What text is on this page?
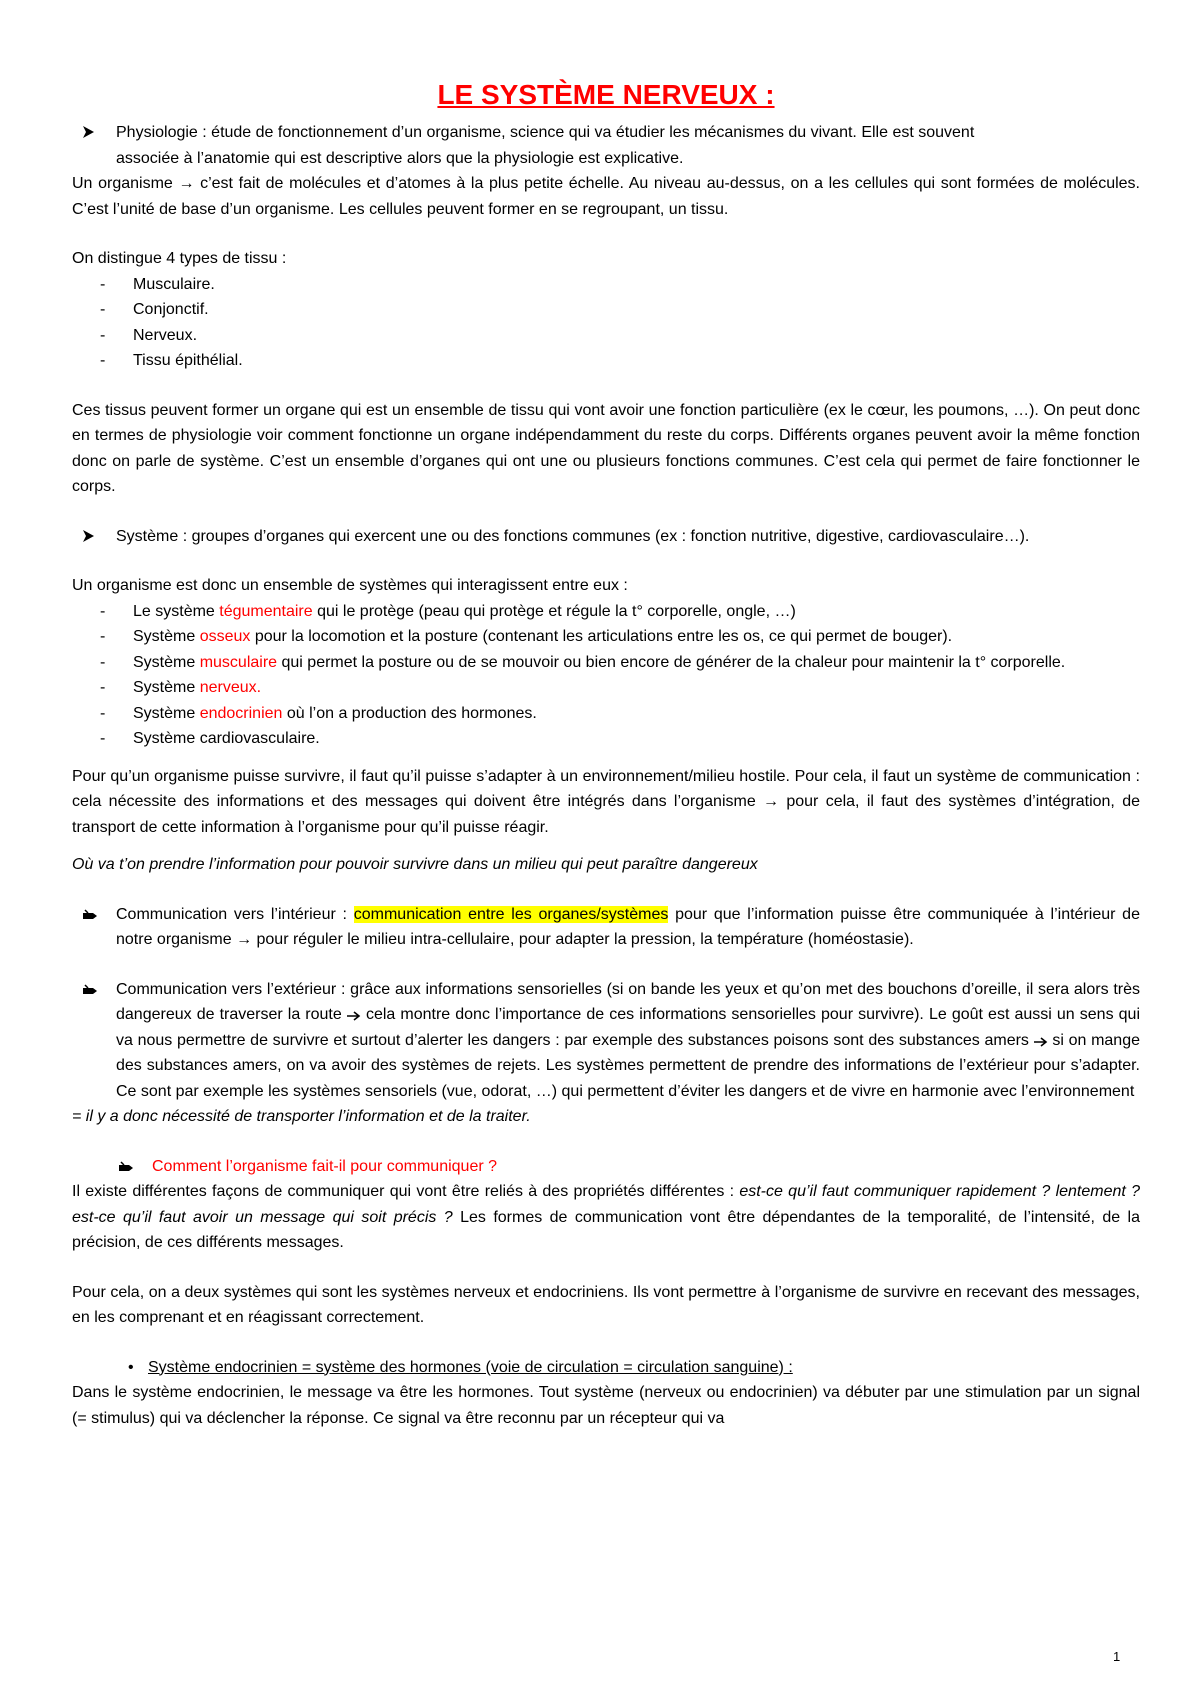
LE SYSTÈME NERVEUX :

Physiologie : étude de fonctionnement d’un organisme, science qui va étudier les mécanismes du vivant. Elle est souvent

associée à l’anatomie qui est descriptive alors que la physiologie est explicative.

Un organisme → c’est fait de molécules et d’atomes à la plus petite échelle. Au niveau au-dessus, on a les cellules qui sont formées de molécules. C’est l’unité de base d’un organisme. Les cellules peuvent former en se regroupant, un tissu.

On distingue 4 types de tissu :

-	Musculaire.
-	Conjonctif.
-	Nerveux.
-	Tissu épithélial.

Ces tissus peuvent former un organe qui est un ensemble de tissu qui vont avoir une fonction particulière (ex le cœur, les poumons, …). On peut donc en termes de physiologie voir comment fonctionne un organe indépendamment du reste du corps. Différents organes peuvent avoir la même fonction donc on parle de système. C’est un ensemble d’organes qui ont une ou plusieurs fonctions communes. C’est cela qui permet de faire fonctionner le corps.

Système : groupes d’organes qui exercent une ou des fonctions communes (ex : fonction nutritive, digestive, cardiovasculaire…).

Un organisme est donc un ensemble de systèmes qui interagissent entre eux :

-	Le système tégumentaire qui le protège (peau qui protège et régule la t° corporelle, ongle, …)
-	Système osseux pour la locomotion et la posture (contenant les articulations entre les os, ce qui permet de bouger).
-	Système musculaire qui permet la posture ou de se mouvoir ou bien encore de générer de la chaleur pour maintenir la t° corporelle.
-	Système nerveux.
-	Système endocrinien où l’on a production des hormones.
-	Système cardiovasculaire.

Pour qu’un organisme puisse survivre, il faut qu’il puisse s’adapter à un environnement/milieu hostile. Pour cela, il faut un système de communication : cela nécessite des informations et des messages qui doivent être intégrés dans l’organisme → pour cela, il faut des systèmes d’intégration, de transport de cette information à l’organisme pour qu’il puisse réagir.

Où va t’on prendre l’information pour pouvoir survivre dans un milieu qui peut paraître dangereux

Communication vers l’intérieur : communication entre les organes/systèmes pour que l’information puisse être communiquée à l’intérieur de notre organisme → pour réguler le milieu intra-cellulaire, pour adapter la pression, la température (homéostasie).
Communication vers l’extérieur : grâce aux informations sensorielles (si on bande les yeux et qu’on met des bouchons d’oreille, il sera alors très dangereux de traverser la route  cela montre donc l’importance de ces informations sensorielles pour survivre). Le goût est aussi un sens qui va nous permettre de survivre et surtout d’alerter les dangers : par exemple des substances poisons sont des substances amers  si on mange des substances amers, on va avoir des systèmes de rejets. Les systèmes permettent de prendre des informations de l’extérieur pour s’adapter. Ce sont par exemple les systèmes sensoriels (vue, odorat, …) qui permettent d’éviter les dangers et de vivre en harmonie avec l’environnement

= il y a donc nécessité de transporter l’information et de la traiter.

Comment l’organisme fait-il pour communiquer ?

Il existe différentes façons de communiquer qui vont être reliés à des propriétés différentes : est-ce qu’il faut communiquer rapidement ? lentement ? est-ce qu’il faut avoir un message qui soit précis ? Les formes de communication vont être dépendantes de la temporalité, de l’intensité, de la précision, de ces différents messages.

Pour cela, on a deux systèmes qui sont les systèmes nerveux et endocriniens. Ils vont permettre à l’organisme de survivre en recevant des messages, en les comprenant et en réagissant correctement.

• Système endocrinien = système des hormones (voie de circulation = circulation sanguine) :

Dans le système endocrinien, le message va être les hormones. Tout système (nerveux ou endocrinien) va débuter par une stimulation par un signal (= stimulus) qui va déclencher la réponse. Ce signal va être reconnu par un récepteur qui va

1
